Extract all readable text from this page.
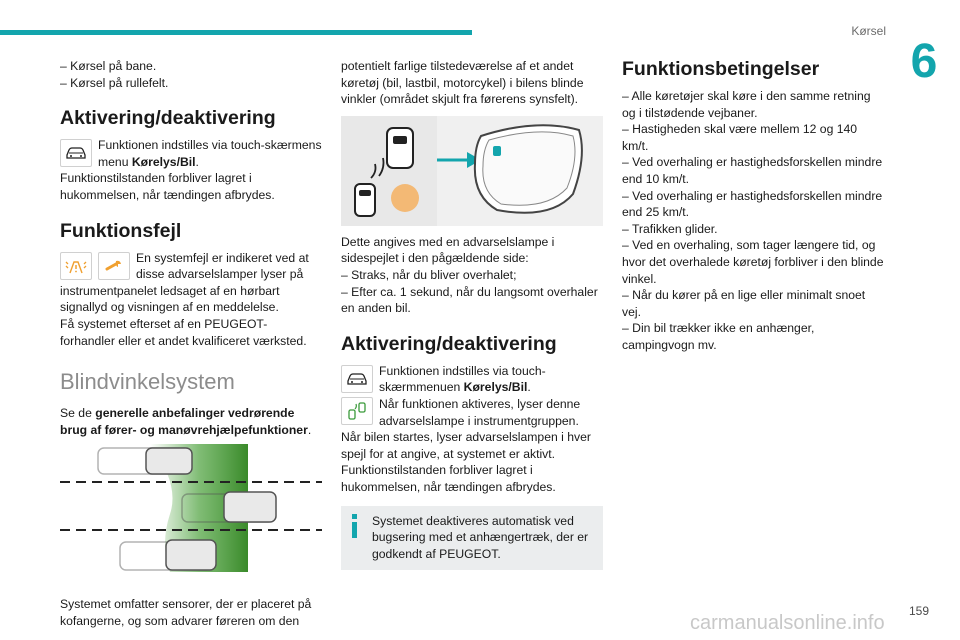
Kørsel
6

– Kørsel på bane.

– Kørsel på rullefelt.

Aktivering/deaktivering

Funktionen indstilles via touch-skærmens menu Kørelys/Bil.

Funktionstilstanden forbliver lagret i hukommelsen, når tændingen afbrydes.

Funktionsfejl

En systemfejl er indikeret ved at disse advarselslamper lyser på instrumentpanelet ledsaget af en hørbart signallyd og visningen af en meddelelse.

Få systemet efterset af en PEUGEOT-forhandler eller et andet kvalificeret værksted.

Blindvinkelsystem

Se de generelle anbefalinger vedrørende brug af fører- og manøvrehjælpefunktioner.

Systemet omfatter sensorer, der er placeret på kofangerne, og som advarer føreren om den

potentielt farlige tilstedeværelse af et andet køretøj (bil, lastbil, motorcykel) i bilens blinde vinkler (området skjult fra førerens synsfelt).

Dette angives med en advarselslampe i sidespejlet i den pågældende side:

– Straks, når du bliver overhalet;

– Efter ca. 1 sekund, når du langsomt overhaler en anden bil.

Aktivering/deaktivering

Funktionen indstilles via touch-skærmmenuen Kørelys/Bil.

Når funktionen aktiveres, lyser denne advarselslampe i instrumentgruppen.

Når bilen startes, lyser advarselslampen i hver spejl for at angive, at systemet er aktivt.

Funktionstilstanden forbliver lagret i hukommelsen, når tændingen afbrydes.

Systemet deaktiveres automatisk ved bugsering med et anhængertræk, der er godkendt af PEUGEOT.
Funktionsbetingelser

– Alle køretøjer skal køre i den samme retning og i tilstødende vejbaner.

– Hastigheden skal være mellem 12 og 140 km/t.

– Ved overhaling er hastighedsforskellen mindre end 10 km/t.

– Ved overhaling er hastighedsforskellen mindre end 25 km/t.

– Trafikken glider.

– Ved en overhaling, som tager længere tid, og hvor det overhalede køretøj forbliver i den blinde vinkel.

– Når du kører på en lige eller minimalt snoet vej.

– Din bil trækker ikke en anhænger, campingvogn mv.

159
carmanualsonline.info
